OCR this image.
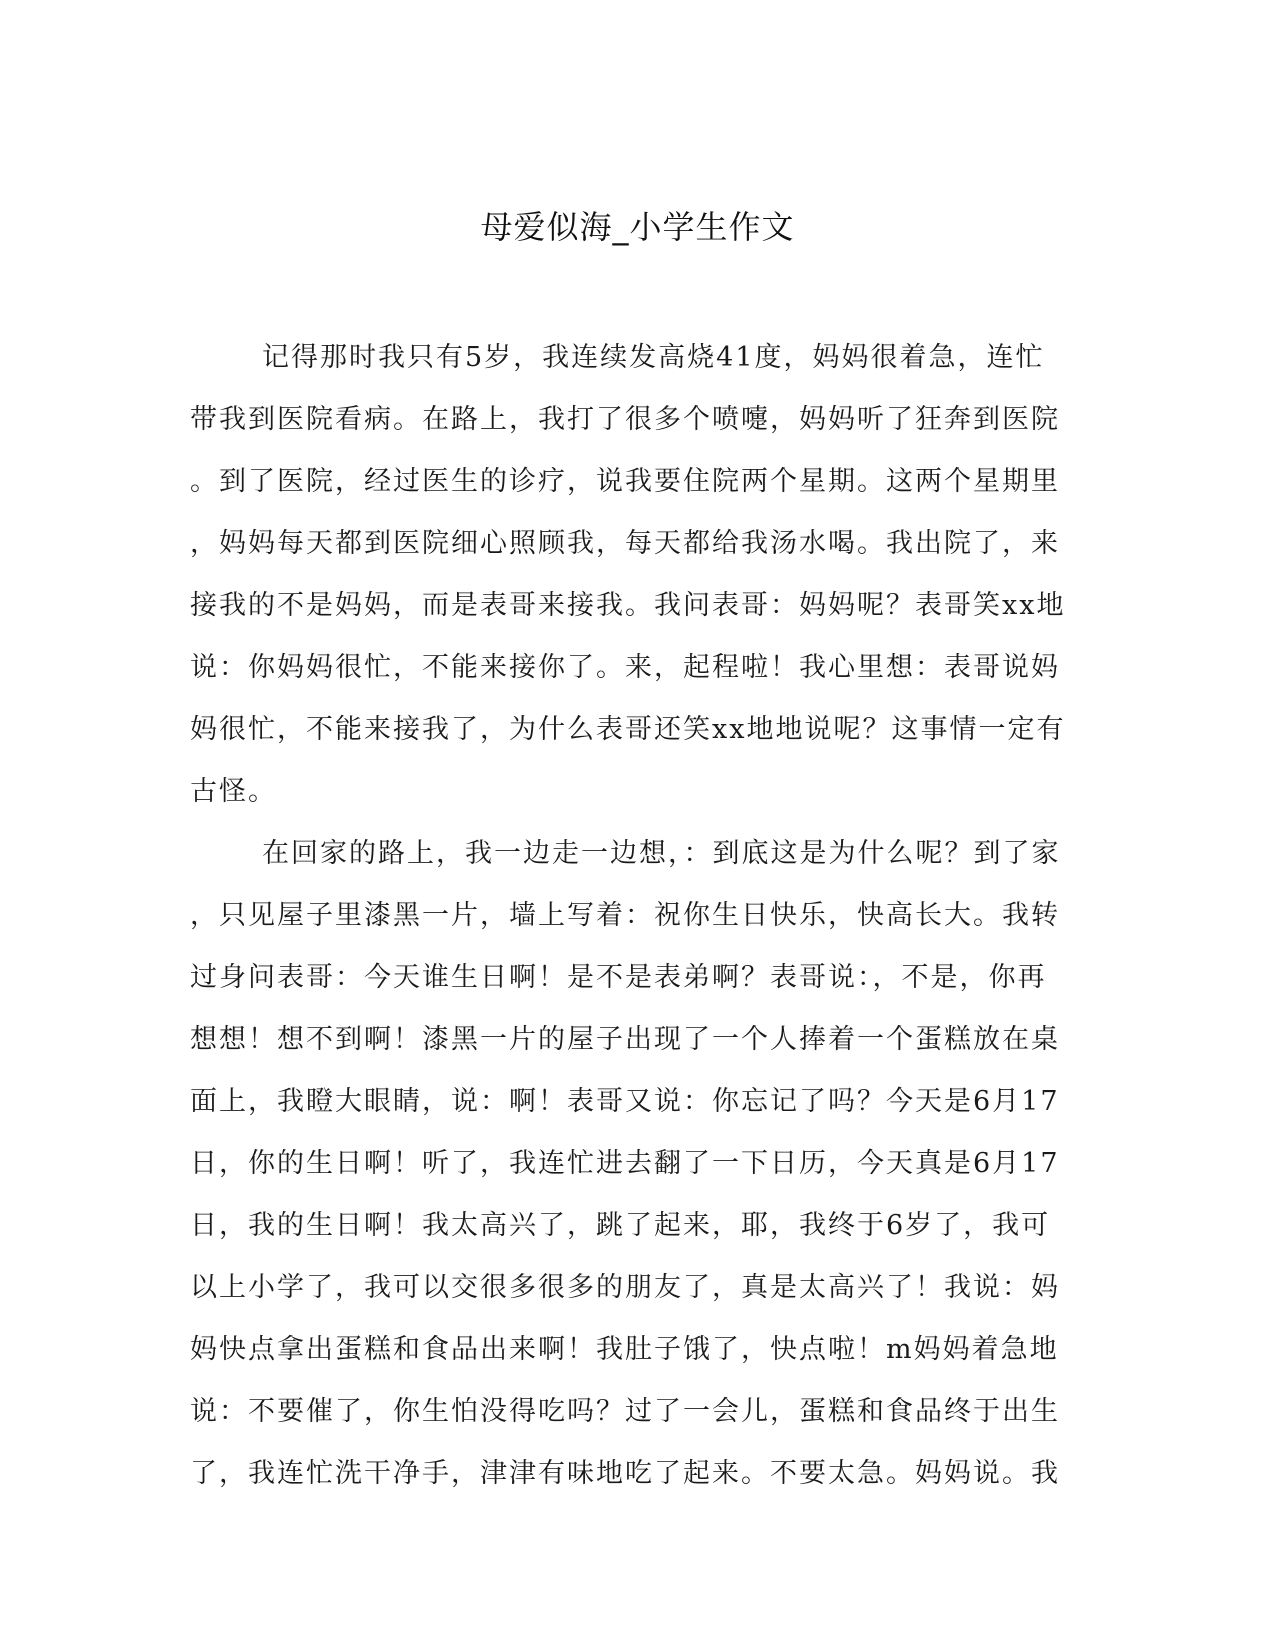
母爱似海_小学生作文
记得那时我只有5岁，我连续发高烧41度，妈妈很着急，连忙
带我到医院看病。在路上，我打了很多个喷嚏，妈妈听了狂奔到医院
。到了医院，经过医生的诊疗，说我要住院两个星期。这两个星期里
，妈妈每天都到医院细心照顾我，每天都给我汤水喝。我出院了，来
接我的不是妈妈，而是表哥来接我。我问表哥：妈妈呢？表哥笑xx地
说：你妈妈很忙，不能来接你了。来，起程啦！我心里想：表哥说妈
妈很忙，不能来接我了，为什么表哥还笑xx地地说呢？这事情一定有
古怪。
在回家的路上，我一边走一边想，：到底这是为什么呢？到了家
，只见屋子里漆黑一片，墙上写着：祝你生日快乐，快高长大。我转
过身问表哥：今天谁生日啊！是不是表弟啊？表哥说：，不是，你再
想想！想不到啊！漆黑一片的屋子出现了一个人捧着一个蛋糕放在桌
面上，我瞪大眼睛，说：啊！表哥又说：你忘记了吗？今天是6月17
日，你的生日啊！听了，我连忙进去翻了一下日历，今天真是6月17
日，我的生日啊！我太高兴了，跳了起来，耶，我终于6岁了，我可
以上小学了，我可以交很多很多的朋友了，真是太高兴了！我说：妈
妈快点拿出蛋糕和食品出来啊！我肚子饿了，快点啦！m妈妈着急地
说：不要催了，你生怕没得吃吗？过了一会儿，蛋糕和食品终于出生
了，我连忙洗干净手，津津有味地吃了起来。不要太急。妈妈说。我
